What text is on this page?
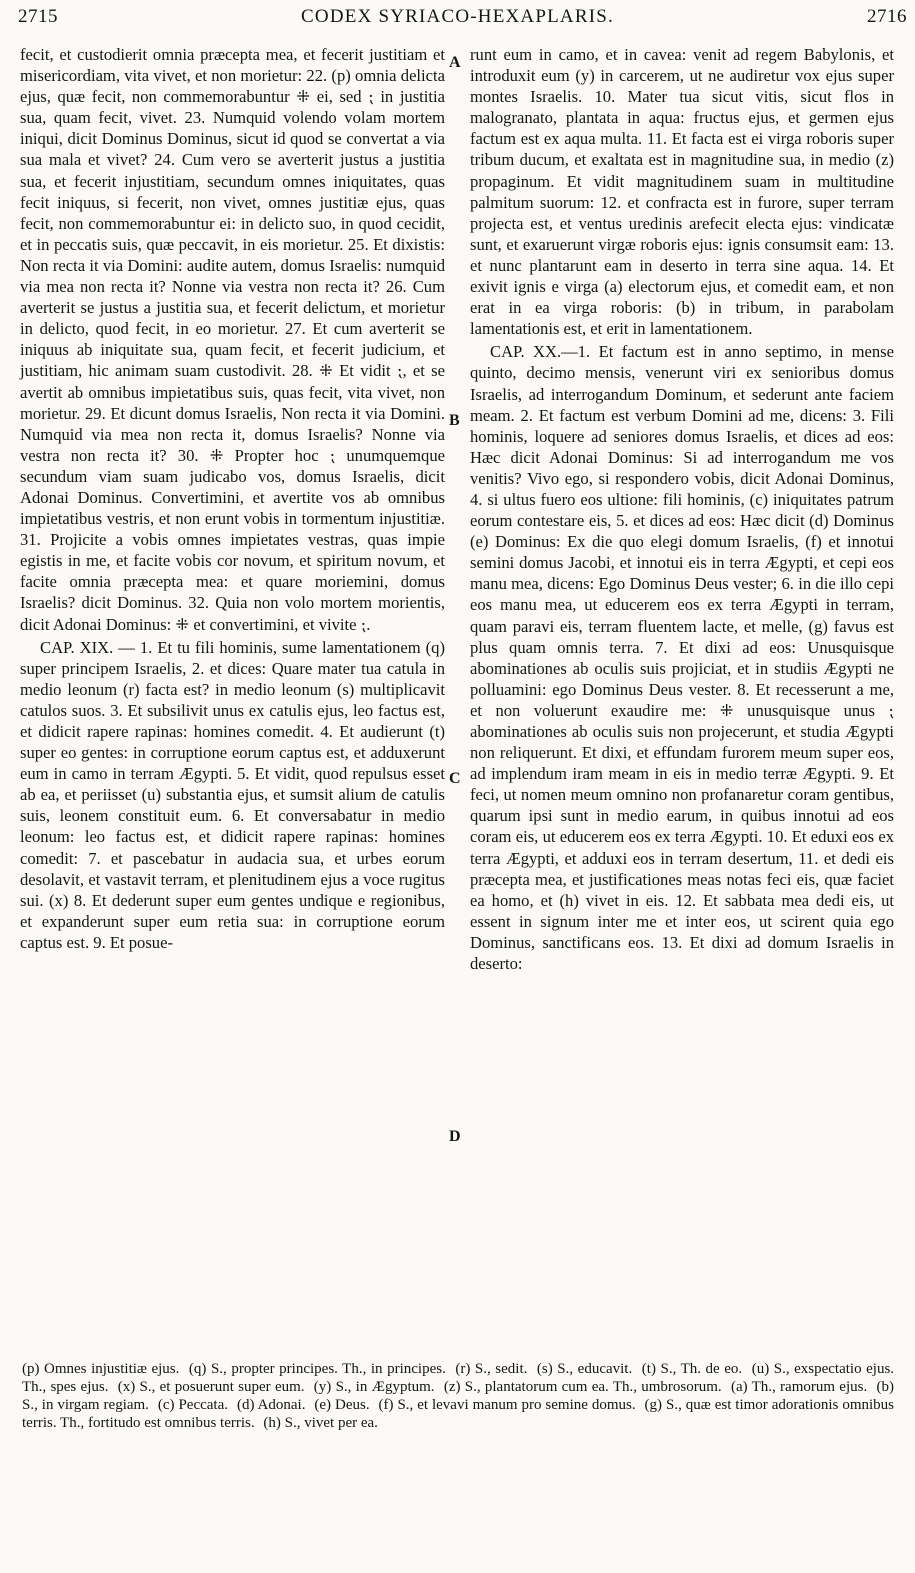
2715	CODEX SYRIACO-HEXAPLARIS.	2716

fecit, et custodierit omnia præcepta mea, et fecerit justitiam et misericordiam, vita vivet, et non morietur: 22. (p) omnia delicta ejus, quæ fecit, non commemorabuntur ⁜ ei, sed ⁏ in justitia sua, quam fecit, vivet. 23. Numquid volendo volam mortem iniqui, dicit Dominus Dominus, sicut id quod se convertat a via sua mala et vivet? 24. Cum vero se averterit justus a justitia sua, et fecerit injustitiam, secundum omnes iniquitates, quas fecit iniquus, si fecerit, non vivet, omnes justitiæ ejus, quas fecit, non commemorabuntur ei: in delicto suo, in quod cecidit, et in peccatis suis, quæ peccavit, in eis morietur. 25. Et dixistis: Non recta it via Domini: audite autem, domus Israelis: numquid via mea non recta it? Nonne via vestra non recta it? 26. Cum averterit se justus a justitia sua, et fecerit delictum, et morietur in delicto, quod fecit, in eo morietur. 27. Et cum averterit se iniquus ab iniquitate sua, quam fecit, et fecerit judicium, et justitiam, hic animam suam custodivit. 28. ⁜ Et vidit ⁏, et se avertit ab omnibus impietatibus suis, quas fecit, vita vivet, non morietur. 29. Et dicunt domus Israelis, Non recta it via Domini. Numquid via mea non recta it, domus Israelis? Nonne via vestra non recta it? 30. ⁜ Propter hoc ⁏ unumquemque secundum viam suam judicabo vos, domus Israelis, dicit Adonai Dominus. Convertimini, et avertite vos ab omnibus impietatibus vestris, et non erunt vobis in tormentum injustitiæ. 31. Projicite a vobis omnes impietates vestras, quas impie egistis in me, et facite vobis cor novum, et spiritum novum, et facite omnia præcepta mea: et quare moriemini, domus Israelis? dicit Dominus. 32. Quia non volo mortem morientis, dicit Adonai Dominus: ⁜ et convertimini, et vivite ⁏.

CAP. XIX. — 1. Et tu fili hominis, sume lamentationem (q) super principem Israelis, 2. et dices: Quare mater tua catula in medio leonum (r) facta est? in medio leonum (s) multiplicavit catulos suos. 3. Et subsilivit unus ex catulis ejus, leo factus est, et didicit rapere rapinas: homines comedit. 4. Et audierunt (t) super eo gentes: in corruptione eorum captus est, et adduxerunt eum in camo in terram Ægypti. 5. Et vidit, quod repulsus esset ab ea, et periisset (u) substantia ejus, et sumsit alium de catulis suis, leonem constituit eum. 6. Et conversabatur in medio leonum: leo factus est, et didicit rapere rapinas: homines comedit: 7. et pascebatur in audacia sua, et urbes eorum desolavit, et vastavit terram, et plenitudinem ejus a voce rugitus sui. (x) 8. Et dederunt super eum gentes undique e regionibus, et expanderunt super eum retia sua: in corruptione eorum captus est. 9. Et posue-

A
B
C
D

runt eum in camo, et in cavea: venit ad regem Babylonis, et introduxit eum (y) in carcerem, ut ne audiretur vox ejus super montes Israelis. 10. Mater tua sicut vitis, sicut flos in malogranato, plantata in aqua: fructus ejus, et germen ejus factum est ex aqua multa. 11. Et facta est ei virga roboris super tribum ducum, et exaltata est in magnitudine sua, in medio (z) propaginum. Et vidit magnitudinem suam in multitudine palmitum suorum: 12. et confracta est in furore, super terram projecta est, et ventus uredinis arefecit electa ejus: vindicatæ sunt, et exaruerunt virgæ roboris ejus: ignis consumsit eam: 13. et nunc plantarunt eam in deserto in terra sine aqua. 14. Et exivit ignis e virga (a) electorum ejus, et comedit eam, et non erat in ea virga roboris: (b) in tribum, in parabolam lamentationis est, et erit in lamentationem.

CAP. XX.—1. Et factum est in anno septimo, in mense quinto, decimo mensis, venerunt viri ex senioribus domus Israelis, ad interrogandum Dominum, et sederunt ante faciem meam. 2. Et factum est verbum Domini ad me, dicens: 3. Fili hominis, loquere ad seniores domus Israelis, et dices ad eos: Hæc dicit Adonai Dominus: Si ad interrogandum me vos venitis? Vivo ego, si respondero vobis, dicit Adonai Dominus, 4. si ultus fuero eos ultione: fili hominis, (c) iniquitates patrum eorum contestare eis, 5. et dices ad eos: Hæc dicit (d) Dominus (e) Dominus: Ex die quo elegi domum Israelis, (f) et innotui semini domus Jacobi, et innotui eis in terra Ægypti, et cepi eos manu mea, dicens: Ego Dominus Deus vester; 6. in die illo cepi eos manu mea, ut educerem eos ex terra Ægypti in terram, quam paravi eis, terram fluentem lacte, et melle, (g) favus est plus quam omnis terra. 7. Et dixi ad eos: Unusquisque abominationes ab oculis suis projiciat, et in studiis Ægypti ne polluamini: ego Dominus Deus vester. 8. Et recesserunt a me, et non voluerunt exaudire me: ⁜ unusquisque unus ⁏ abominationes ab oculis suis non projecerunt, et studia Ægypti non reliquerunt. Et dixi, et effundam furorem meum super eos, ad implendum iram meam in eis in medio terræ Ægypti. 9. Et feci, ut nomen meum omnino non profanaretur coram gentibus, quarum ipsi sunt in medio earum, in quibus innotui ad eos coram eis, ut educerem eos ex terra Ægypti. 10. Et eduxi eos ex terra Ægypti, et adduxi eos in terram desertum, 11. et dedi eis præcepta mea, et justificationes meas notas feci eis, quæ faciet ea homo, et (h) vivet in eis. 12. Et sabbata mea dedi eis, ut essent in signum inter me et inter eos, ut scirent quia ego Dominus, sanctificans eos. 13. Et dixi ad domum Israelis in deserto:

(p) Omnes injustitiæ ejus. (q) S., propter principes. Th., in principes. (r) S., sedit. (s) S., educavit. (t) S., Th. de eo. (u) S., exspectatio ejus. Th., spes ejus. (x) S., et posuerunt super eum. (y) S., in Ægyptum. (z) S., plantatorum cum ea. Th., umbrosorum. (a) Th., ramorum ejus. (b) S., in virgam regiam. (c) Peccata. (d) Adonai. (e) Deus. (f) S., et levavi manum pro semine domus. (g) S., quæ est timor adorationis omnibus terris. Th., fortitudo est omnibus terris. (h) S., vivet per ea.
